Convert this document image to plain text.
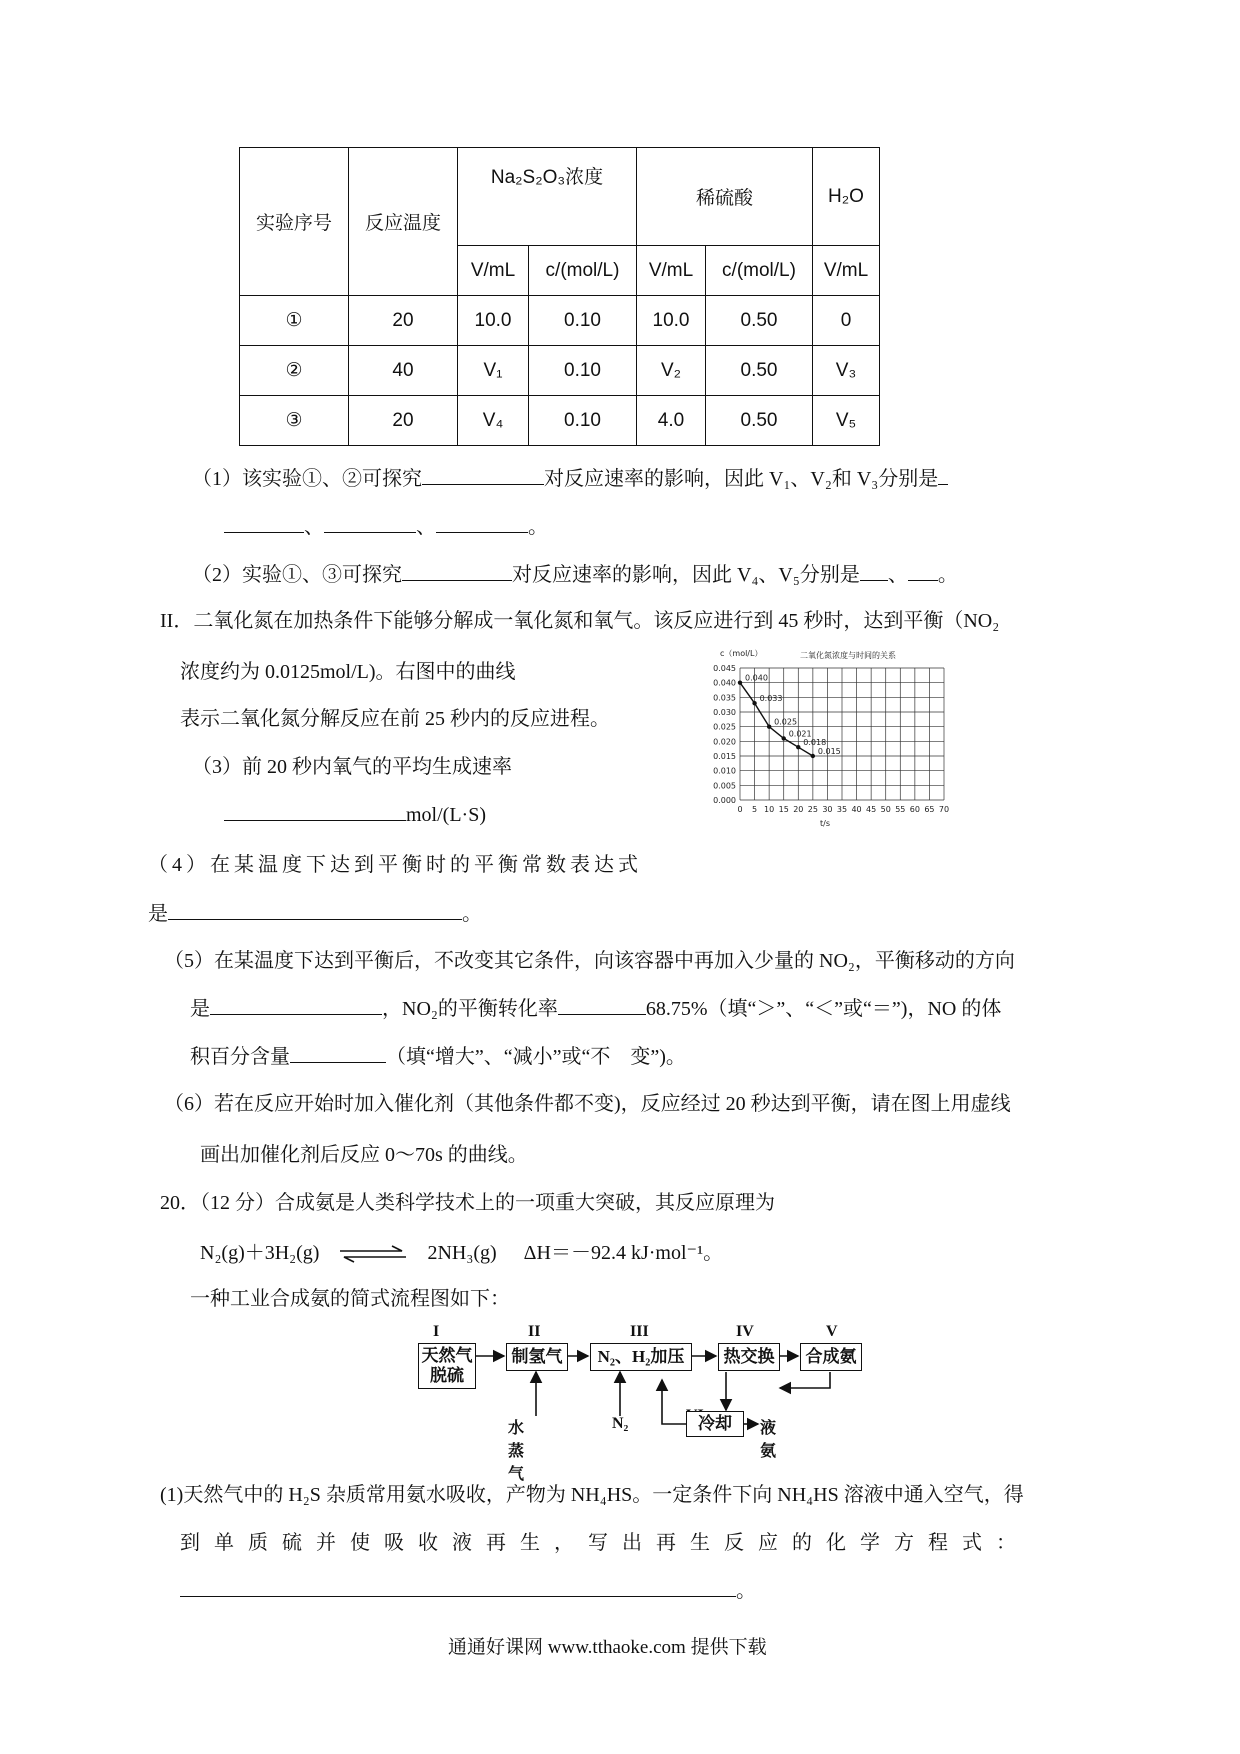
实验序号	反应温度	Na₂S₂O₃浓度		稀硫酸		H₂O
		V/mL	c/(mol/L)	V/mL	c/(mol/L)	V/mL
①	20	10.0	0.10	10.0	0.50	0
②	40	V₁	0.10	V₂	0.50	V₃
③	20	V₄	0.10	4.0	0.50	V₅
（1）该实验①、②可探究	对反应速率的影响，因此 V₁、V₂和 V₃分别是
、	、	。
（2）实验①、③可探究	对反应速率的影响，因此 V₄、V₅分别是 、 。
II．二氧化氮在加热条件下能够分解成一氧化氮和氧气。该反应进行到 45 秒时，达到平衡（NO₂
浓度约为 0.0125mol/L)。右图中的曲线
表示二氧化氮分解反应在前 25 秒内的反应进程。
（3）前 20 秒内氧气的平均生成速率
mol/(L·S)
0.000
0.005
0.010
0.015
0.020
0.025
0.030
0.035
0.040
0.045
0 5 10 15 20 25 30 35 40 45 50 55 60 65 70
c（mol/L）
t/s
二氧化氮浓度与时间的关系
0.040
0.033
0.025
0.021
0.018
0.015
（4）在某温度下达到平衡时的平衡常数表达式
是	。
（5）在某温度下达到平衡后，不改变其它条件，向该容器中再加入少量的 NO₂，平衡移动的方向
是	，NO₂的平衡转化率	68.75%（填“＞”、“＜”或“＝”)，NO 的体
积百分含量	（填“增大”、“减小”或“不　变”)。
（6）若在反应开始时加入催化剂（其他条件都不变)，反应经过 20 秒达到平衡，请在图上用虚线
画出加催化剂后反应 0～70s 的曲线。
20．（12 分）合成氨是人类科学技术上的一项重大突破，其反应原理为
N₂(g)＋3H₂(g) ⇌ 2NH₃(g) ΔH＝－92.4 kJ·mol⁻¹。
一种工业合成氨的简式流程图如下：
I	II	III	IV	V
天然气
脱硫
制氢气	N₂、H₂加压	热交换	合成氨
冷却
水蒸气
N₂	液氨
(1)天然气中的 H₂S 杂质常用氨水吸收，产物为 NH₄HS。一定条件下向 NH₄HS 溶液中通入空气，得
到单质硫并使吸收液再生，写出再生反应的化学方程式：
。
通通好课网 www.tthaoke.com 提供下载
